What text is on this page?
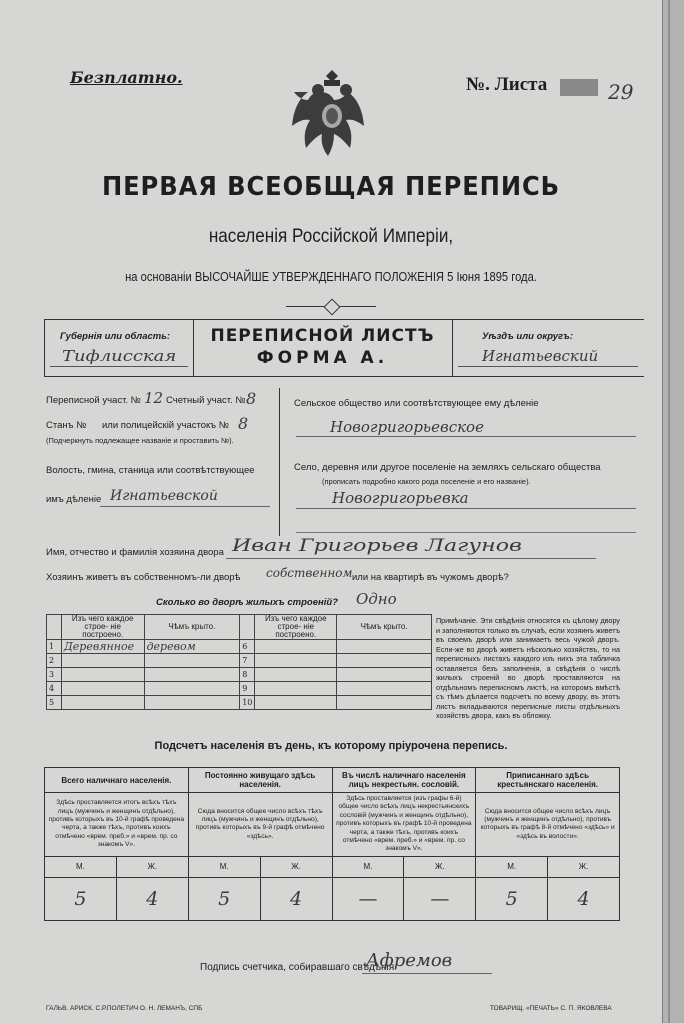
Безплатно.	№. Листа	29
ПЕРВАЯ ВСЕОБЩАЯ ПЕРЕПИСЬ
населенія Россійской Имперіи,
на основаніи ВЫСОЧАЙШЕ УТВЕРЖДЕННАГО ПОЛОЖЕНІЯ 5 Іюня 1895 года.
Губернія или область:
Тифлисская
ПЕРЕПИСНОЙ ЛИСТЪ
ФОРМА А.
Уѣздъ или округъ:
Игнатьевский
Переписной участ. № 12 Счетный участ. № 8
Станъ № или полицейскій участокъ № 8
(Подчеркнуть подлежащее названіе и проставить №).
Волость, гмина, станица или соотвѣтствующее
имъ дѣленіе Игнатьевской
Сельское общество или соотвѣтствующее ему дѣленіе
Новогригорьевское
Село, деревня или другое поселеніе на земляхъ сельскаго общества
(прописать подробно какого рода поселеніе и его названіе).
Новогригорьевка
Имя, отчество и фамилія хозяина двора Иван Григорьев Лагунов
Хозяинъ живетъ въ собственномъ-ли дворѣ собственном или на квартирѣ въ чужомъ дворѣ?
Сколько во дворѣ жилыхъ строеній? Одно
	Изъ чего каждое строе- ніе построено.	Чѣмъ крыто.		Изъ чего каждое строе- ніе построено.	Чѣмъ крыто.
1	Деревянное	деревом	6		
2			7		
3			8		
4			9		
5			10		
Примѣчаніе. Эти свѣдѣнія относятся къ цѣлому двору и заполняются только въ случаѣ, если хозяинъ живетъ въ своемъ дворѣ или занимаетъ весь чужой дворъ. Если-же во дворѣ живетъ нѣсколько хозяйствъ, то на переписныхъ листахъ каждого изъ нихъ эта табличка оставляется безъ заполненія, а свѣдѣнія о числѣ жилыхъ строеній во дворѣ проставляются на отдѣльномъ переписномъ листѣ, на которомъ вмѣстѣ съ тѣмъ дѣлается подсчетъ по всему двору, въ этотъ листъ вкладываются переписные листы отдѣльныхъ хозяйствъ двора, какъ въ обложку.
Подсчетъ населенія въ день, къ которому пріурочена перепись.
Всего наличнаго населенія.		Постоянно живущаго здѣсь населенія.		Въ числѣ наличнаго населенія лицъ некрестьян. сословій.		Приписаннаго здѣсь крестьянскаго населенія.	
Здѣсь проставляется итогъ всѣхъ тѣхъ лицъ (мужчинъ и женщинъ отдѣльно), противъ которыхъ въ 10-й графѣ проведена черта, а также тѣхъ, противъ коихъ отмѣчено «врем. преб.» и «врем. пр. со знакомъ V».		Сюда вносится общее число всѣхъ тѣхъ лицъ (мужчинъ и женщинъ отдѣльно), противъ которыхъ въ 9-й графѣ отмѣчено «здѣсь».		Здѣсь проставляется (изъ графы 6-й) общее число всѣхъ лицъ некрестьянскихъ сословій (мужчинъ и женщинъ отдѣльно), противъ которыхъ въ графѣ 10-й проведена черта, а также тѣхъ, противъ коихъ отмѣчено «врем. преб.» и «врем. пр. со знакомъ V».		Сюда вносится общее число всѣхъ лицъ (мужчинъ и женщинъ отдѣльно), противъ которыхъ въ графѣ 8-й отмѣчено «здѣсь» и «здѣсь въ волости».	
М.	Ж.	М.	Ж.	М.	Ж.	М.	Ж.
5	4	5	4	—	—	5	4
Подпись счетчика, собиравшаго свѣдѣнія
Афремов
ГАЛЬВ. АРИСК. С.Р.ПОЛЕТИЧ О. Н. ЛЕМАНЪ, СПБ	ТОВАРИЩ. «ПЕЧАТЬ» С. П. ЯКОВЛЕВА
